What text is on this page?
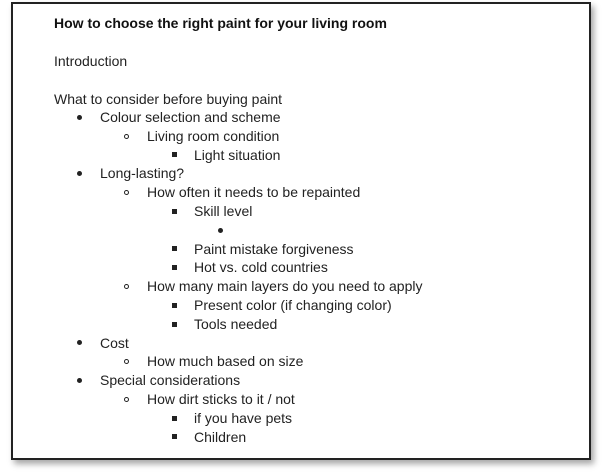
How to choose the right paint for your living room
Introduction
What to consider before buying paint
Colour selection and scheme
Living room condition
Light situation
Long-lasting?
How often it needs to be repainted
Skill level
Paint mistake forgiveness
Hot vs. cold countries
How many main layers do you need to apply
Present color (if changing color)
Tools needed
Cost
How much based on size
Special considerations
How dirt sticks to it / not
if you have pets
Children
